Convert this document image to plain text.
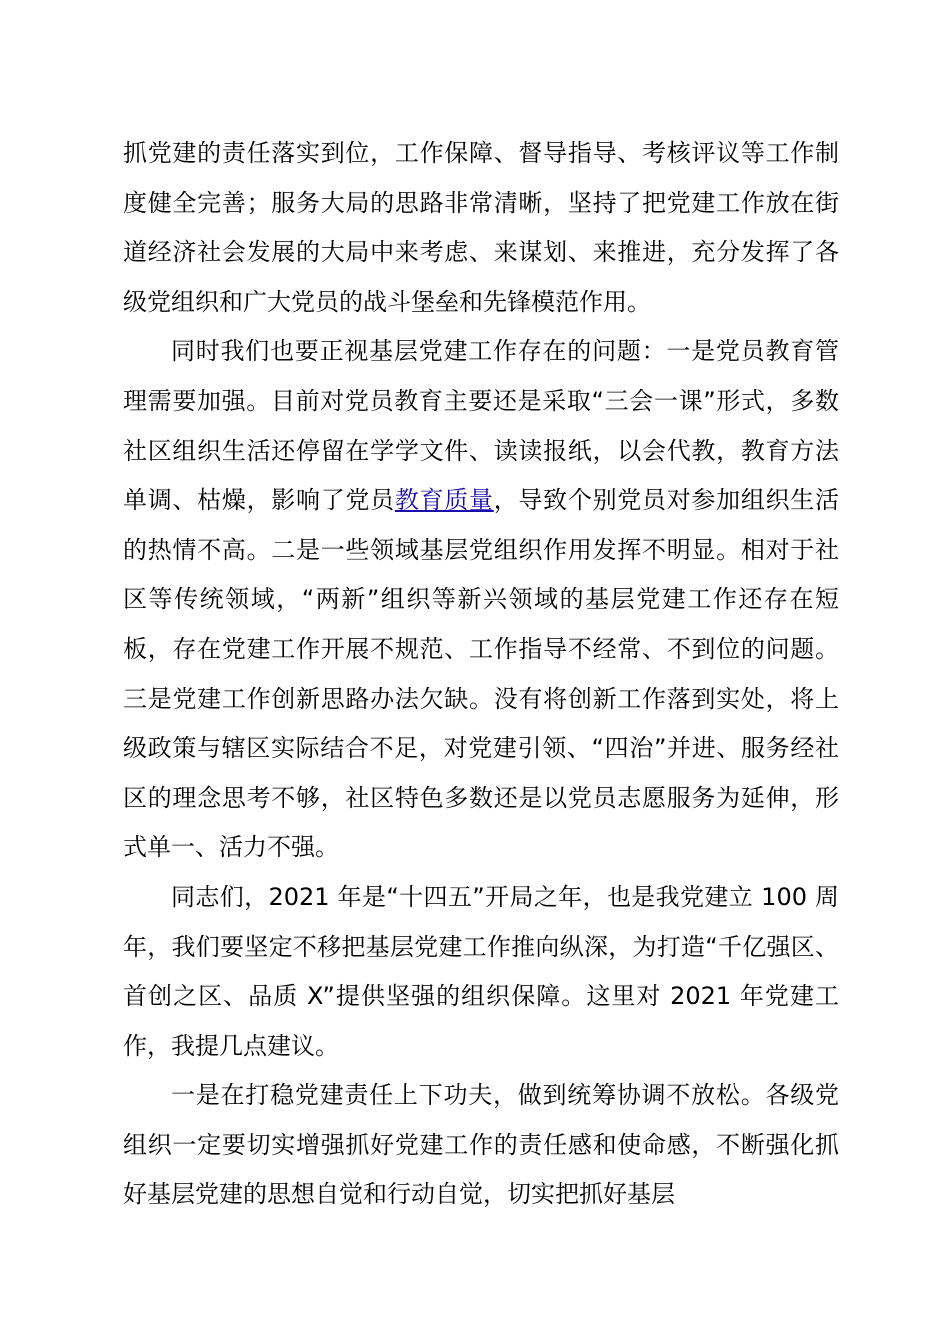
抓党建的责任落实到位，工作保障、督导指导、考核评议等工作制度健全完善；服务大局的思路非常清晰，坚持了把党建工作放在街道经济社会发展的大局中来考虑、来谋划、来推进，充分发挥了各级党组织和广大党员的战斗堡垒和先锋模范作用。

同时我们也要正视基层党建工作存在的问题：一是党员教育管理需要加强。目前对党员教育主要还是采取“三会一课”形式，多数社区组织生活还停留在学学文件、读读报纸，以会代教，教育方法单调、枯燥，影响了党员教育质量，导致个别党员对参加组织生活的热情不高。二是一些领域基层党组织作用发挥不明显。相对于社区等传统领域，“两新”组织等新兴领域的基层党建工作还存在短板，存在党建工作开展不规范、工作指导不经常、不到位的问题。三是党建工作创新思路办法欠缺。没有将创新工作落到实处，将上级政策与辖区实际结合不足，对党建引领、“四治”并进、服务经社区的理念思考不够，社区特色多数还是以党员志愿服务为延伸，形式单一、活力不强。

同志们，2021 年是“十四五”开局之年，也是我党建立 100 周年，我们要坚定不移把基层党建工作推向纵深，为打造“千亿强区、首创之区、品质 X”提供坚强的组织保障。这里对 2021 年党建工作，我提几点建议。

一是在打稳党建责任上下功夫，做到统筹协调不放松。各级党组织一定要切实增强抓好党建工作的责任感和使命感，不断强化抓好基层党建的思想自觉和行动自觉，切实把抓好基层
